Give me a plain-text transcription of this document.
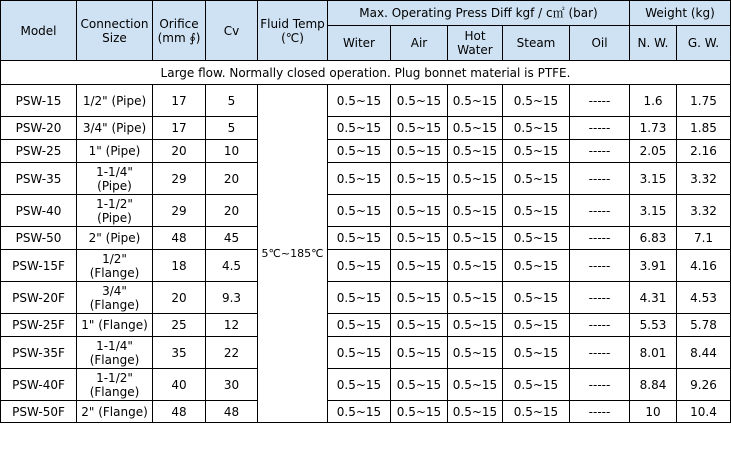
Model	Connection Size	Orifice (mm ∮)	Cv	Fluid Temp (℃)	Max. Operating Press Diff kgf / c㎡ (bar)					Weight (kg)	
					Witer	Air	Hot Water	Steam	Oil	N. W.	G. W.
Large flow. Normally closed operation. Plug bonnet material is PTFE.											
PSW-15	1/2" (Pipe)	17	5	5℃~185℃	0.5~15	0.5~15	0.5~15	0.5~15	-----	1.6	1.75
PSW-20	3/4" (Pipe)	17	5		0.5~15	0.5~15	0.5~15	0.5~15	-----	1.73	1.85
PSW-25	1" (Pipe)	20	10		0.5~15	0.5~15	0.5~15	0.5~15	-----	2.05	2.16
PSW-35	1-1/4" (Pipe)	29	20		0.5~15	0.5~15	0.5~15	0.5~15	-----	3.15	3.32
PSW-40	1-1/2" (Pipe)	29	20		0.5~15	0.5~15	0.5~15	0.5~15	-----	3.15	3.32
PSW-50	2" (Pipe)	48	45		0.5~15	0.5~15	0.5~15	0.5~15	-----	6.83	7.1
PSW-15F	1/2" (Flange)	18	4.5		0.5~15	0.5~15	0.5~15	0.5~15	-----	3.91	4.16
PSW-20F	3/4" (Flange)	20	9.3		0.5~15	0.5~15	0.5~15	0.5~15	-----	4.31	4.53
PSW-25F	1" (Flange)	25	12		0.5~15	0.5~15	0.5~15	0.5~15	-----	5.53	5.78
PSW-35F	1-1/4" (Flange)	35	22		0.5~15	0.5~15	0.5~15	0.5~15	-----	8.01	8.44
PSW-40F	1-1/2" (Flange)	40	30		0.5~15	0.5~15	0.5~15	0.5~15	-----	8.84	9.26
PSW-50F	2" (Flange)	48	48		0.5~15	0.5~15	0.5~15	0.5~15	-----	10	10.4
